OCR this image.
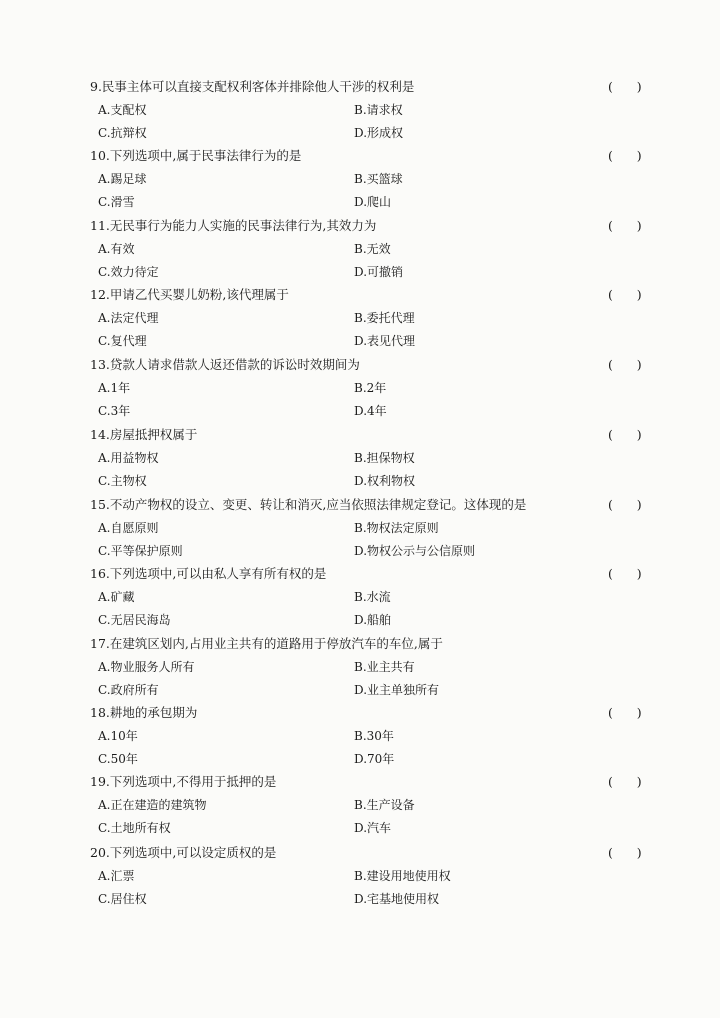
9.民事主体可以直接支配权利客体并排除他人干涉的权利是	(      )
A.支配权	B.请求权
C.抗辩权	D.形成权
10.下列选项中,属于民事法律行为的是	(      )
A.踢足球	B.买篮球
C.滑雪	D.爬山
11.无民事行为能力人实施的民事法律行为,其效力为	(      )
A.有效	B.无效
C.效力待定	D.可撤销
12.甲请乙代买婴儿奶粉,该代理属于	(      )
A.法定代理	B.委托代理
C.复代理	D.表见代理
13.贷款人请求借款人返还借款的诉讼时效期间为	(      )
A.1年	B.2年
C.3年	D.4年
14.房屋抵押权属于	(      )
A.用益物权	B.担保物权
C.主物权	D.权利物权
15.不动产物权的设立、变更、转让和消灭,应当依照法律规定登记。这体现的是	(      )
A.自愿原则	B.物权法定原则
C.平等保护原则	D.物权公示与公信原则
16.下列选项中,可以由私人享有所有权的是	(      )
A.矿藏	B.水流
C.无居民海岛	D.船舶
17.在建筑区划内,占用业主共有的道路用于停放汽车的车位,属于
A.物业服务人所有	B.业主共有
C.政府所有	D.业主单独所有
18.耕地的承包期为	(      )
A.10年	B.30年
C.50年	D.70年
19.下列选项中,不得用于抵押的是	(      )
A.正在建造的建筑物	B.生产设备
C.土地所有权	D.汽车
20.下列选项中,可以设定质权的是	(      )
A.汇票	B.建设用地使用权
C.居住权	D.宅基地使用权
